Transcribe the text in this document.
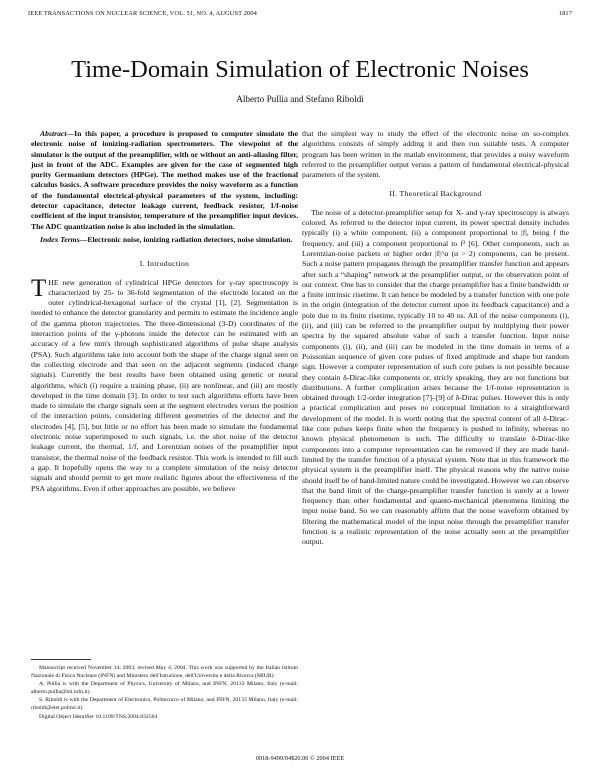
IEEE TRANSACTIONS ON NUCLEAR SCIENCE, VOL. 51, NO. 4, AUGUST 2004	1817
Time-Domain Simulation of Electronic Noises
Alberto Pullia and Stefano Riboldi

Abstract—In this paper, a procedure is proposed to computer simulate the electronic noise of ionizing-radiation spectrometers. The viewpoint of the simulator is the output of the preamplifier, with or without an anti-aliasing filter, just in front of the ADC. Examples are given for the case of segmented high purity Germanium detectors (HPGe). The method makes use of the fractional calculus basics. A software procedure provides the noisy waveform as a function of the fundamental electrical-physical parameters of the system, including: detector capacitance, detector leakage current, feedback resistor, 1/f-noise coefficient of the input transistor, temperature of the preamplifier input devices. The ADC quantization noise is also included in the simulation.

Index Terms—Electronic noise, ionizing radiation detectors, noise simulation.

I. Introduction

THE new generation of cylindrical HPGe detectors for γ-ray spectroscopy is characterized by 25- to 36-fold segmentation of the electrode located on the outer cylindrical-hexagonal surface of the crystal [1], [2]. Segmentation is needed to enhance the detector granularity and permits to estimate the incidence angle of the gamma photon trajectories. The three-dimensional (3-D) coordinates of the interaction points of the γ-photons inside the detector can be estimated with an accuracy of a few mm's through sophisticated algorithms of pulse shape analysis (PSA). Such algorithms take into account both the shape of the charge signal seen on the collecting electrode and that seen on the adjacent segments (induced charge signals). Currently the best results have been obtained using genetic or neural algorithms, which (i) require a training phase, (ii) are nonlinear, and (iii) are mostly developed in the time domain [3]. In order to test such algorithms efforts have been made to simulate the charge signals seen at the segment electrodes versus the position of the interaction points, considering different geometries of the detector and the electrodes [4], [5], but little or no effort has been made to simulate the fundamental electronic noise superimposed to such signals, i.e. the shot noise of the detector leakage current, the thermal, 1/f, and Lorentzian noises of the preamplifier input transistor, the thermal noise of the feedback resistor. This work is intended to fill such a gap. It hopefully opens the way to a complete simulation of the noisy detector signals and should permit to get more realistic figures about the effectiveness of the PSA algorithms. Even if other approaches are possible, we believe

Manuscript received November 14, 2003; revised May 4, 2004. This work was supported by the Italian Istituto Nazionale di Fisica Nucleare (INFN) and Ministero dell'Istruzione, dell'Universita e della Ricerca (MIUR).

A. Pullia is with the Department of Physics, University of Milano, and INFN, 20133 Milano, Italy (e-mail: alberto.pullia@mi.infn.it).

S. Riboldi is with the Department of Electronics, Politecnico of Milano, and INFN, 20133 Milano, Italy (e-mail: riboldi@elet.polimi.it).

Digital Object Identifier 10.1109/TNS.2004.832564

that the simplest way to study the effect of the electronic noise on so-complex algorithms consists of simply adding it and then run suitable tests. A computer program has been written in the matlab environment, that provides a noisy waveform referred to the preamplifier output versus a pattern of fundamental electrical-physical parameters of the system.

II. Theoretical Background

The noise of a detector-preamplifier setup for X- and γ-ray spectroscopy is always colored. As referred to the detector input current, its power spectral density includes typically (i) a white component, (ii) a component proportional to |f|, being f the frequency, and (iii) a component proportional to f² [6]. Other components, such as Lorentzian-noise packets or higher order |f|^α (α > 2) components, can be present. Such a noise pattern propagates through the preamplifier transfer function and appears after such a “shaping” network at the preamplifier output, or the observation point of our context. One has to consider that the charge preamplifier has a finite bandwidth or a finite intrinsic risetime. It can hence be modeled by a transfer function with one pole in the origin (integration of the detector current upon its feedback capacitance) and a pole due to its finite risetime, typically 10 to 40 ns. All of the noise components (i), (ii), and (iii) can be referred to the preamplifier output by multiplying their power spectra by the squared absolute value of such a transfer function. Input noise components (i), (ii), and (iii) can be modeled in the time domain in terms of a Poissonian sequence of given core pulses of fixed amplitude and shape but random sign. However a computer representation of such core pulses is not possible because they contain δ-Dirac-like components or, stricly speaking, they are not functions but distributions. A further complication arises because the 1/f-noise representation is obtained through 1/2-order integration [7]–[9] of δ-Dirac pulses. However this is only a practical complication and poses no conceptual limitation to a straightforward development of the model. It is worth noting that the spectral content of all δ-Dirac-like core pulses keeps finite when the frequency is pushed to infinity, whereas no known physical phenomenon is such. The difficulty to translate δ-Dirac-like components into a computer representation can be removed if they are made band-limited by the transfer function of a physical system. Note that in this framework the physical system is the preamplifier itself. The physical reasons why the native noise should itself be of band-limited nature could be investigated. However we can observe that the band limit of the charge-preamplifier transfer function is surely at a lower frequency than other fundamental and quanto-mechanical phenomena limiting the input noise band. So we can reasonably affirm that the noise waveform obtained by filtering the mathematical model of the input noise through the preamplifier transfer function is a realistic representation of the noise actually seen at the preamplifier output.

0018-9499/04$20.00 © 2004 IEEE
